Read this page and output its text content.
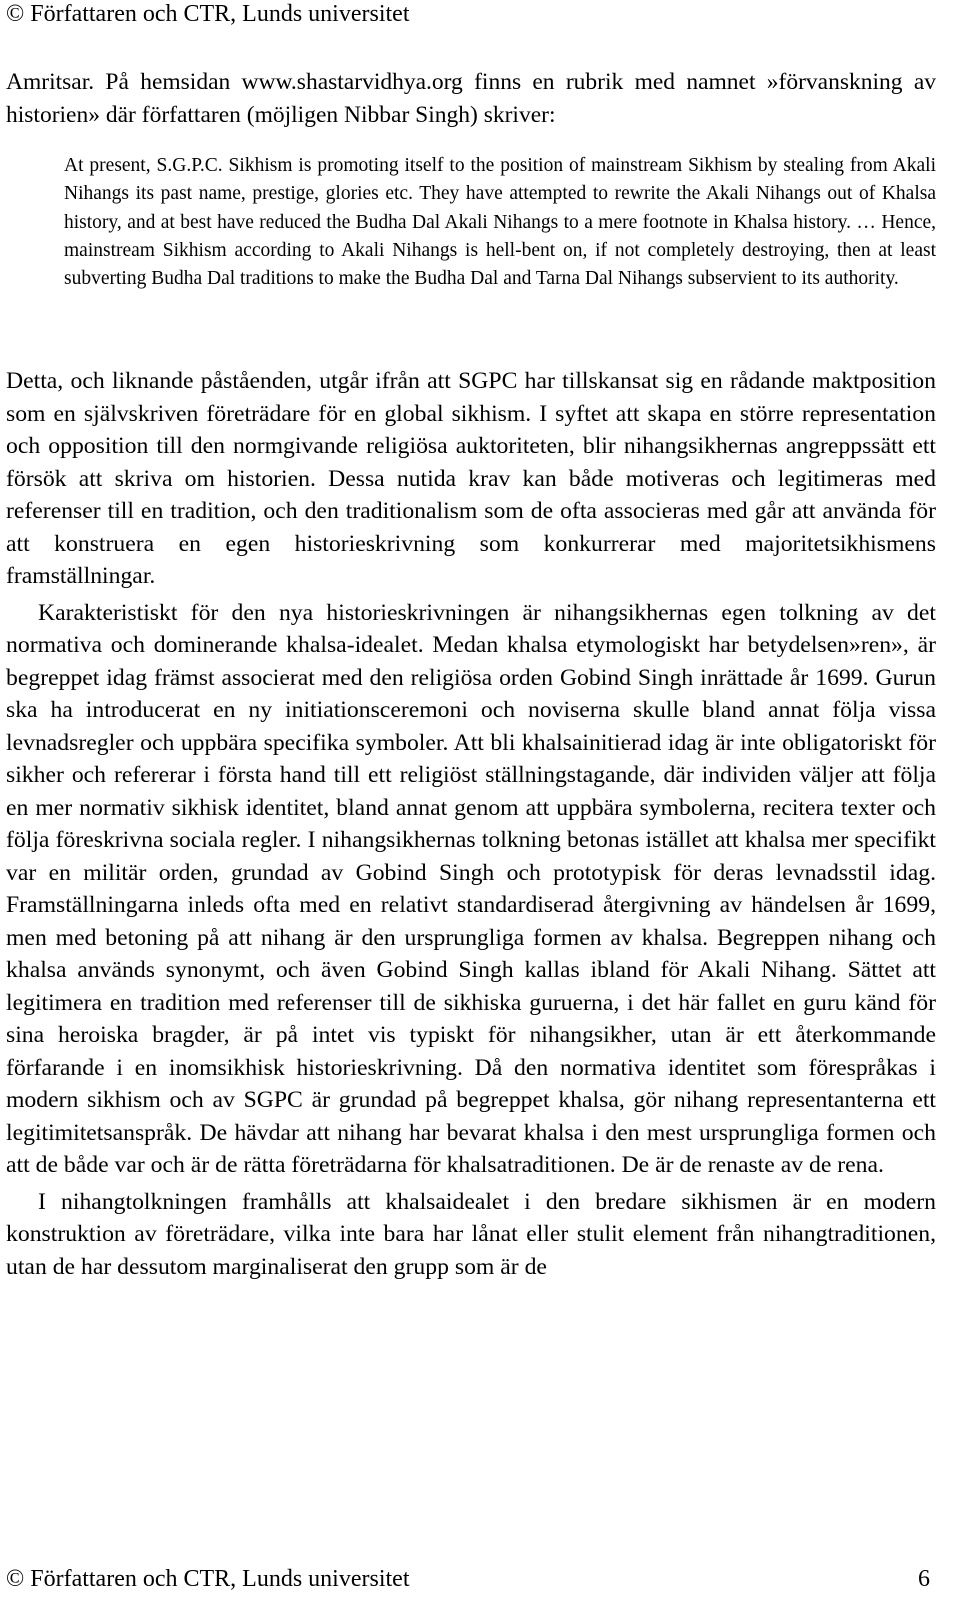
© Författaren och CTR, Lunds universitet

Amritsar. På hemsidan www.shastarvidhya.org finns en rubrik med namnet »förvanskning av historien» där författaren (möjligen Nibbar Singh) skriver:

At present, S.G.P.C. Sikhism is promoting itself to the position of mainstream Sikhism by stealing from Akali Nihangs its past name, prestige, glories etc. They have attempted to rewrite the Akali Nihangs out of Khalsa history, and at best have reduced the Budha Dal Akali Nihangs to a mere footnote in Khalsa history. … Hence, mainstream Sikhism according to Akali Nihangs is hell-bent on, if not completely destroying, then at least subverting Budha Dal traditions to make the Budha Dal and Tarna Dal Nihangs subservient to its authority.

Detta, och liknande påståenden, utgår ifrån att SGPC har tillskansat sig en rådande maktposition som en självskriven företrädare för en global sikhism. I syftet att skapa en större representation och opposition till den normgivande religiösa auktoriteten, blir nihangsikhernas angreppssätt ett försök att skriva om historien. Dessa nutida krav kan både motiveras och legitimeras med referenser till en tradition, och den traditionalism som de ofta associeras med går att använda för att konstruera en egen historieskrivning som konkurrerar med majoritetsikhismens framställningar.

Karakteristiskt för den nya historieskrivningen är nihangsikhernas egen tolkning av det normativa och dominerande khalsa-idealet. Medan khalsa etymologiskt har betydelsen»ren», är begreppet idag främst associerat med den religiösa orden Gobind Singh inrättade år 1699. Gurun ska ha introducerat en ny initiationsceremoni och noviserna skulle bland annat följa vissa levnadsregler och uppbära specifika symboler. Att bli khalsainitierad idag är inte obligatoriskt för sikher och refererar i första hand till ett religiöst ställningstagande, där individen väljer att följa en mer normativ sikhisk identitet, bland annat genom att uppbära symbolerna, recitera texter och följa föreskrivna sociala regler. I nihangsikhernas tolkning betonas istället att khalsa mer specifikt var en militär orden, grundad av Gobind Singh och prototypisk för deras levnadsstil idag. Framställningarna inleds ofta med en relativt standardiserad återgivning av händelsen år 1699, men med betoning på att nihang är den ursprungliga formen av khalsa. Begreppen nihang och khalsa används synonymt, och även Gobind Singh kallas ibland för Akali Nihang. Sättet att legitimera en tradition med referenser till de sikhiska guruerna, i det här fallet en guru känd för sina heroiska bragder, är på intet vis typiskt för nihangsikher, utan är ett återkommande förfarande i en inomsikhisk historieskrivning. Då den normativa identitet som förespråkas i modern sikhism och av SGPC är grundad på begreppet khalsa, gör nihang representanterna ett legitimitetsanspråk. De hävdar att nihang har bevarat khalsa i den mest ursprungliga formen och att de både var och är de rätta företrädarna för khalsatraditionen. De är de renaste av de rena.

I nihangtolkningen framhålls att khalsaidealet i den bredare sikhismen är en modern konstruktion av företrädare, vilka inte bara har lånat eller stulit element från nihangtraditionen, utan de har dessutom marginaliserat den grupp som är de

© Författaren och CTR, Lunds universitet	6
